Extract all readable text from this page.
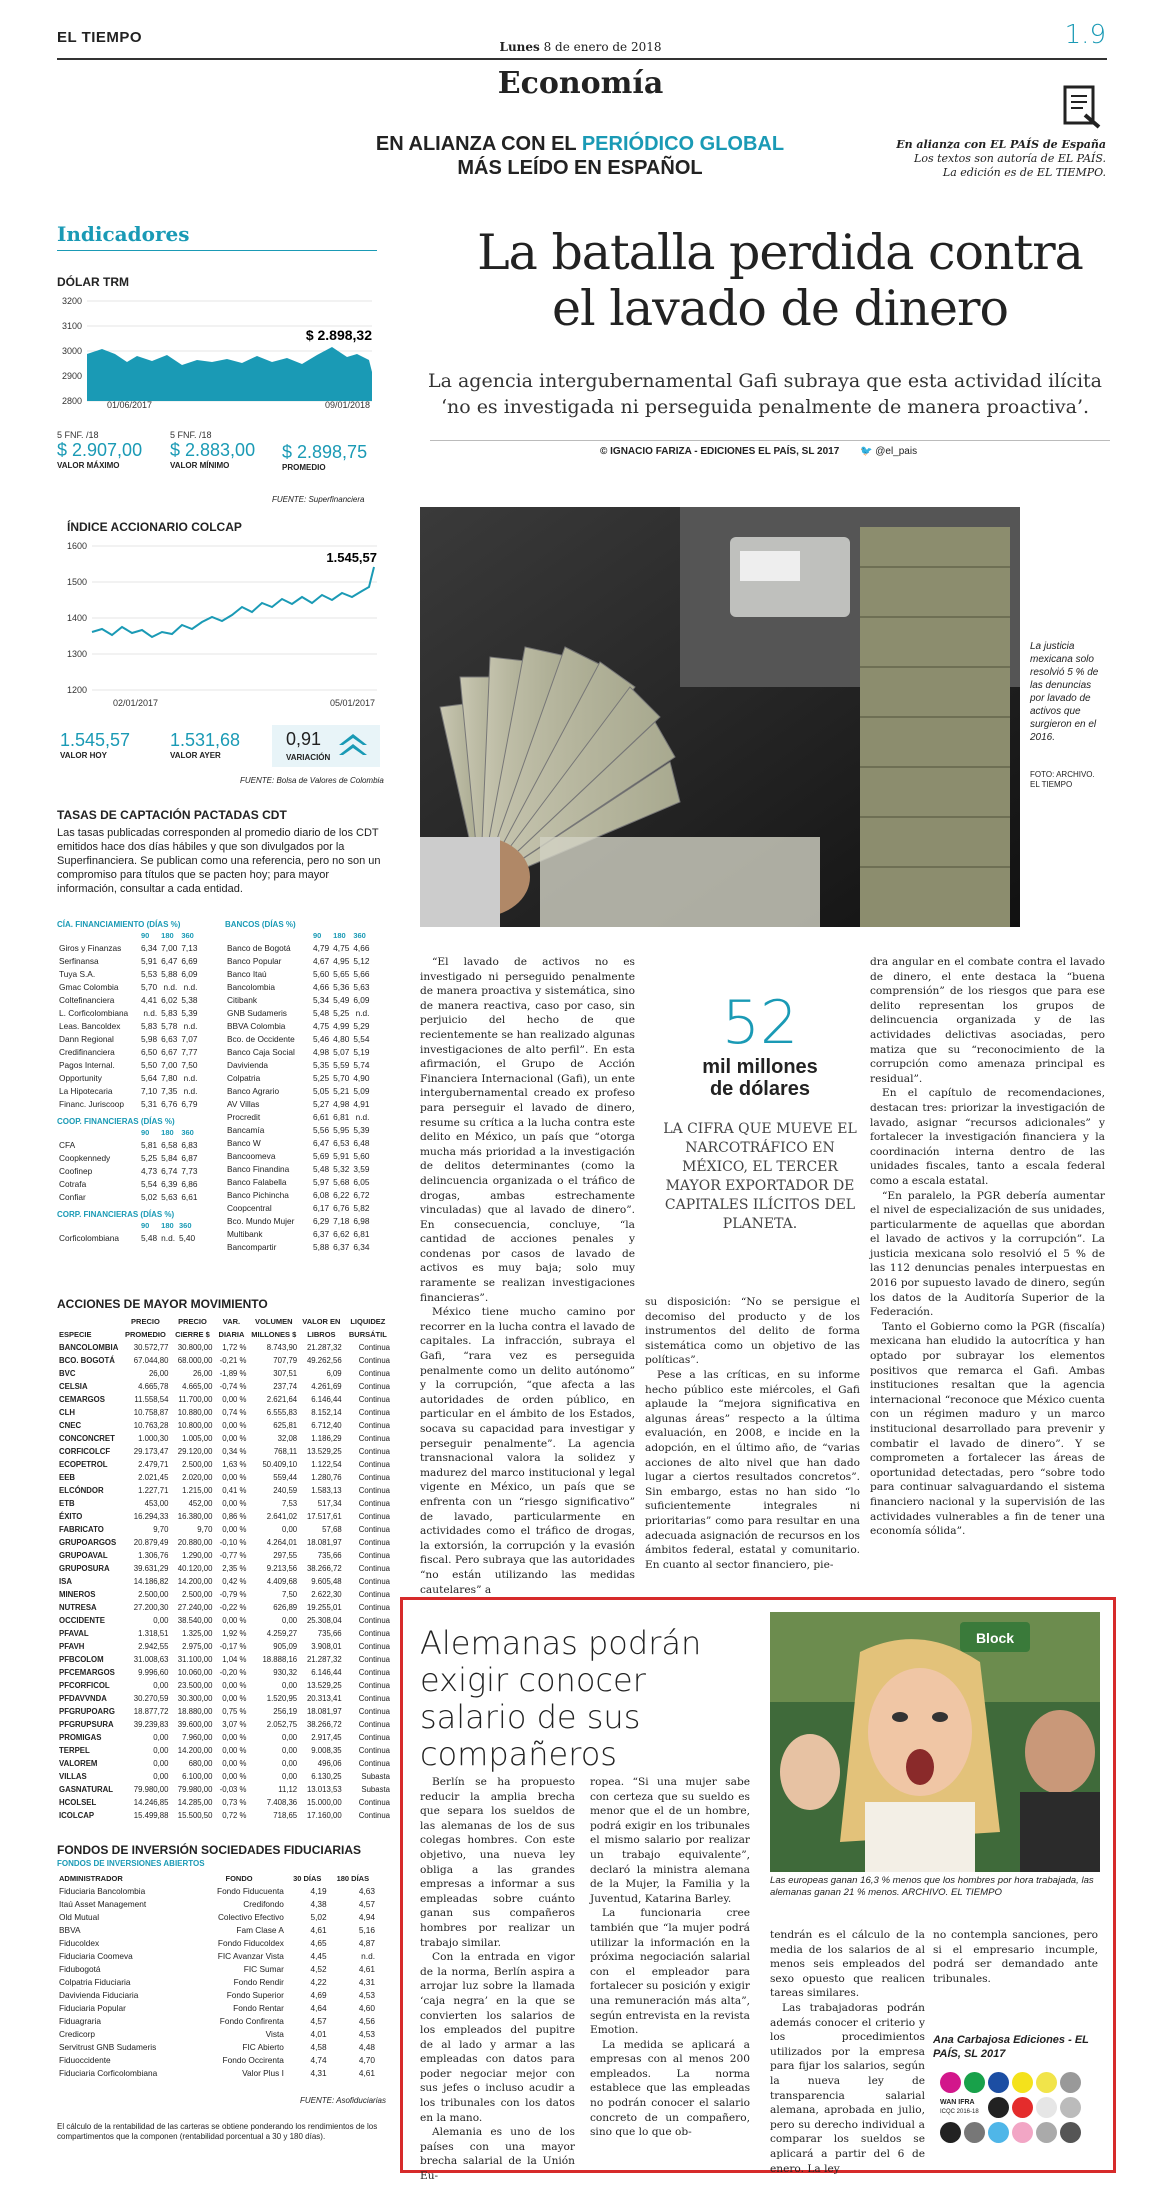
EL TIEMPO	1.9
Lunes 8 de enero de 2018
Economía
EN ALIANZA CON EL PERIÓDICO GLOBAL
MÁS LEÍDO EN ESPAÑOL
En alianza con EL PAÍS de España
Los textos son autoría de EL PAÍS.
La edición es de EL TIEMPO.
Indicadores
DÓLAR TRM
3200
3100
3000
2900
2800
$ 2.898,32
01/06/2017	09/01/2018
5 FNF. /18
$ 2.907,00
VALOR MÁXIMO
5 FNF. /18
$ 2.883,00
VALOR MÍNIMO
$ 2.898,75
PROMEDIO
FUENTE: Superfinanciera
ÍNDICE ACCIONARIO COLCAP
1600
1500
1400
1300
1200
1.545,57
02/01/2017	05/01/2017
1.545,57
VALOR HOY
1.531,68
VALOR AYER
0,91
VARIACIÓN
FUENTE: Bolsa de Valores de Colombia
TASAS DE CAPTACIÓN PACTADAS CDT
Las tasas publicadas corresponden al promedio diario de los CDT emitidos hace dos días hábiles y que son divulgados por la Superfinanciera. Se publican como una referencia, pero no son un compromiso para títulos que se pacten hoy; para mayor información, consultar a cada entidad.
CÍA. FINANCIAMIENTO (DÍAS %)
	90	180	360
Giros y Finanzas	6,34	7,00	7,13
Serfinansa	5,91	6,47	6,69
Tuya S.A.	5,53	5,88	6,09
Gmac Colombia	5,70	n.d.	n.d.
Coltefinanciera	4,41	6,02	5,38
L. Corficolombiana	n.d.	5,83	5,39
Leas. Bancoldex	5,83	5,78	n.d.
Dann Regional	5,98	6,63	7,07
Credifinanciera	6,50	6,67	7,77
Pagos Internal.	5,50	7,00	7,50
Opportunity	5,64	7,80	n.d.
La Hipotecaria	7,10	7,35	n.d.
Financ. Juriscoop	5,31	6,76	6,79
COOP. FINANCIERAS (DÍAS %)
	90	180	360
CFA	5,81	6,58	6,83
Coopkennedy	5,25	5,84	6,87
Coofinep	4,73	6,74	7,73
Cotrafa	5,54	6,39	6,86
Confiar	5,02	5,63	6,61
CORP. FINANCIERAS (DÍAS %)
	90	180	360
Corficolombiana	5,48	n.d.	5,40
BANCOS (DÍAS %)
	90	180	360
Banco de Bogotá	4,79	4,75	4,66
Banco Popular	4,67	4,95	5,12
Banco Itaú	5,60	5,65	5,66
Bancolombia	4,66	5,36	5,63
Citibank	5,34	5,49	6,09
GNB Sudameris	5,48	5,25	n.d.
BBVA Colombia	4,75	4,99	5,29
Bco. de Occidente	5,46	4,80	5,54
Banco Caja Social	4,98	5,07	5,19
Davivienda	5,35	5,59	5,74
Colpatria	5,25	5,70	4,90
Banco Agrario	5,05	5,21	5,09
AV Villas	5,27	4,98	4,91
Procredit	6,61	6,81	n.d.
Bancamía	5,56	5,95	5,39
Banco W	6,47	6,53	6,48
Bancoomeva	5,69	5,91	5,60
Banco Finandina	5,48	5,32	3,59
Banco Falabella	5,97	5,68	6,05
Banco Pichincha	6,08	6,22	6,72
Coopcentral	6,17	6,76	5,82
Bco. Mundo Mujer	6,29	7,18	6,98
Multibank	6,37	6,62	6,81
Bancompartir	5,88	6,37	6,34
ACCIONES DE MAYOR MOVIMIENTO
ESPECIE	PRECIO PROMEDIO	PRECIO CIERRE $	VAR. DIARIA	VOLUMEN MILLONES $	VALOR EN LIBROS	LIQUIDEZ BURSÁTIL
BANCOLOMBIA	30.572,77	30.800,00	1,72 %	8.743,90	21.287,32	Continua
BCO. BOGOTÁ	67.044,80	68.000,00	-0,21 %	707,79	49.262,56	Continua
BVC	26,00	26,00	-1,89 %	307,51	6,09	Continua
CELSIA	4.665,78	4.665,00	-0,74 %	237,74	4.261,69	Continua
CEMARGOS	11.558,54	11.700,00	0,00 %	2.621,64	6.146,44	Continua
CLH	10.758,87	10.880,00	0,74 %	6.555,83	8.152,14	Continua
CNEC	10.763,28	10.800,00	0,00 %	625,81	6.712,40	Continua
CONCONCRET	1.000,30	1.005,00	0,00 %	32,08	1.186,29	Continua
CORFICOLCF	29.173,47	29.120,00	0,34 %	768,11	13.529,25	Continua
ECOPETROL	2.479,71	2.500,00	1,63 %	50.409,10	1.122,54	Continua
EEB	2.021,45	2.020,00	0,00 %	559,44	1.280,76	Continua
ELCÓNDOR	1.227,71	1.215,00	0,41 %	240,59	1.583,13	Continua
ETB	453,00	452,00	0,00 %	7,53	517,34	Continua
ÉXITO	16.294,33	16.380,00	0,86 %	2.641,02	17.517,61	Continua
FABRICATO	9,70	9,70	0,00 %	0,00	57,68	Continua
GRUPOARGOS	20.879,49	20.880,00	-0,10 %	4.264,01	18.081,97	Continua
GRUPOAVAL	1.306,76	1.290,00	-0,77 %	297,55	735,66	Continua
GRUPOSURA	39.631,29	40.120,00	2,35 %	9.213,56	38.266,72	Continua
ISA	14.186,82	14.200,00	0,42 %	4.409,68	9.605,48	Continua
MINEROS	2.500,00	2.500,00	-0,79 %	7,50	2.622,30	Continua
NUTRESA	27.200,30	27.240,00	-0,22 %	626,89	19.255,01	Continua
OCCIDENTE	0,00	38.540,00	0,00 %	0,00	25.308,04	Continua
PFAVAL	1.318,51	1.325,00	1,92 %	4.259,27	735,66	Continua
PFAVH	2.942,55	2.975,00	-0,17 %	905,09	3.908,01	Continua
PFBCOLOM	31.008,63	31.100,00	1,04 %	18.888,16	21.287,32	Continua
PFCEMARGOS	9.996,60	10.060,00	-0,20 %	930,32	6.146,44	Continua
PFCORFICOL	0,00	23.500,00	0,00 %	0,00	13.529,25	Continua
PFDAVVNDA	30.270,59	30.300,00	0,00 %	1.520,95	20.313,41	Continua
PFGRUPOARG	18.877,72	18.880,00	0,75 %	256,19	18.081,97	Continua
PFGRUPSURA	39.239,83	39.600,00	3,07 %	2.052,75	38.266,72	Continua
PROMIGAS	0,00	7.960,00	0,00 %	0,00	2.917,45	Continua
TERPEL	0,00	14.200,00	0,00 %	0,00	9.008,35	Continua
VALOREM	0,00	680,00	0,00 %	0,00	496,06	Continua
VILLAS	0,00	6.100,00	0,00 %	0,00	6.130,25	Subasta
GASNATURAL	79.980,00	79.980,00	-0,03 %	11,12	13.013,53	Subasta
HCOLSEL	14.246,85	14.285,00	0,73 %	7.408,36	15.000,00	Continua
ICOLCAP	15.499,88	15.500,50	0,72 %	718,65	17.160,00	Continua
FONDOS DE INVERSIÓN SOCIEDADES FIDUCIARIAS
FONDOS DE INVERSIONES ABIERTOS
ADMINISTRADOR	FONDO	30 DÍAS	180 DÍAS
Fiduciaria Bancolombia	Fondo Fiducuenta	4,19	4,63
Itaú Asset Management	Credifondo	4,38	4,57
Old Mutual	Colectivo Efectivo	5,02	4,94
BBVA	Fam Clase A	4,61	5,16
Fiducoldex	Fondo Fiducoldex	4,65	4,87
Fiduciaria Coomeva	FIC Avanzar Vista	4,45	n.d.
Fidubogotá	FIC Sumar	4,52	4,61
Colpatria Fiduciaria	Fondo Rendir	4,22	4,31
Davivienda Fiduciaria	Fondo Superior	4,69	4,53
Fiduciaria Popular	Fondo Rentar	4,64	4,60
Fiduagraria	Fondo Confirenta	4,57	4,56
Credicorp	Vista	4,01	4,53
Servitrust GNB Sudameris	FIC Abierto	4,58	4,48
Fiduoccidente	Fondo Occirenta	4,74	4,70
Fiduciaria Corficolombiana	Valor Plus I	4,31	4,61
FUENTE: Asofiduciarias
El cálculo de la rentabilidad de las carteras se obtiene ponderando los rendimientos de los compartimentos que la componen (rentabilidad porcentual a 30 y 180 días).
La batalla perdida contra
el lavado de dinero
La agencia intergubernamental Gafi subraya que esta actividad ilícita ‘no es investigada ni perseguida penalmente de manera proactiva’.
© IGNACIO FARIZA - EDICIONES EL PAÍS, SL 2017 🐦 @el_pais
La justicia mexicana solo resolvió 5 % de las denuncias por lavado de activos que surgieron en el 2016.
FOTO: ARCHIVO. EL TIEMPO

“El lavado de activos no es investigado ni perseguido penalmente de manera proactiva y sistemática, sino de manera reactiva, caso por caso, sin perjuicio del hecho de que recientemente se han realizado algunas investigaciones de alto perfil”. En esta afirmación, el Grupo de Acción Financiera Internacional (Gafi), un ente intergubernamental creado ex profeso para perseguir el lavado de dinero, resume su crítica a la lucha contra este delito en México, un país que “otorga mucha más prioridad a la investigación de delitos determinantes (como la delincuencia organizada o el tráfico de drogas, ambas estrechamente vinculadas) que al lavado de dinero”. En consecuencia, concluye, “la cantidad de acciones penales y condenas por casos de lavado de activos es muy baja; solo muy raramente se realizan investigaciones financieras”.

México tiene mucho camino por recorrer en la lucha contra el lavado de capitales. La infracción, subraya el Gafi, “rara vez es perseguida penalmente como un delito autónomo” y la corrupción, “que afecta a las autoridades de orden público, en particular en el ámbito de los Estados, socava su capacidad para investigar y perseguir penalmente”. La agencia transnacional valora la solidez y madurez del marco institucional y legal vigente en México, un país que se enfrenta con un “riesgo significativo” de lavado, particularmente en actividades como el tráfico de drogas, la extorsión, la corrupción y la evasión fiscal. Pero subraya que las autoridades “no están utilizando las medidas cautelares” a

52
mil millones
de dólares
LA CIFRA QUE MUEVE EL NARCOTRÁFICO EN MÉXICO, EL TERCER MAYOR EXPORTADOR DE CAPITALES ILÍCITOS DEL PLANETA.

su disposición: “No se persigue el decomiso del producto y de los instrumentos del delito de forma sistemática como un objetivo de las políticas”.

Pese a las críticas, en su informe hecho público este miércoles, el Gafi aplaude la “mejora significativa en algunas áreas” respecto a la última evaluación, en 2008, e incide en la adopción, en el último año, de “varias acciones de alto nivel que han dado lugar a ciertos resultados concretos”. Sin embargo, estas no han sido “lo suficientemente integrales ni prioritarias” como para resultar en una adecuada asignación de recursos en los ámbitos federal, estatal y comunitario. En cuanto al sector financiero, pie-

dra angular en el combate contra el lavado de dinero, el ente destaca la “buena comprensión” de los riesgos que para ese delito representan los grupos de delincuencia organizada y de las actividades delictivas asociadas, pero matiza que su “reconocimiento de la corrupción como amenaza principal es residual”.

En el capítulo de recomendaciones, destacan tres: priorizar la investigación de lavado, asignar “recursos adicionales” y fortalecer la investigación financiera y la coordinación interna dentro de las unidades fiscales, tanto a escala federal como a escala estatal.

“En paralelo, la PGR debería aumentar el nivel de especialización de sus unidades, particularmente de aquellas que abordan el lavado de activos y la corrupción”. La justicia mexicana solo resolvió el 5 % de las 112 denuncias penales interpuestas en 2016 por supuesto lavado de dinero, según los datos de la Auditoría Superior de la Federación.

Tanto el Gobierno como la PGR (fiscalía) mexicana han eludido la autocrítica y han optado por subrayar los elementos positivos que remarca el Gafi. Ambas instituciones resaltan que la agencia internacional “reconoce que México cuenta con un régimen maduro y un marco institucional desarrollado para prevenir y combatir el lavado de dinero”. Y se comprometen a fortalecer las áreas de oportunidad detectadas, pero “sobre todo para continuar salvaguardando el sistema financiero nacional y la supervisión de las actividades vulnerables a fin de tener una economía sólida”.

Alemanas podrán exigir conocer salario de sus compañeros
Block
Las europeas ganan 16,3 % menos que los hombres por hora trabajada, las alemanas ganan 21 % menos. ARCHIVO. EL TIEMPO

Berlín se ha propuesto reducir la amplia brecha que separa los sueldos de las alemanas de los de sus colegas hombres. Con este objetivo, una nueva ley obliga a las grandes empresas a informar a sus empleadas sobre cuánto ganan sus compañeros hombres por realizar un trabajo similar.

Con la entrada en vigor de la norma, Berlín aspira a arrojar luz sobre la llamada ‘caja negra’ en la que se convierten los salarios de los empleados del pupitre de al lado y armar a las empleadas con datos para poder negociar mejor con sus jefes o incluso acudir a los tribunales con los datos en la mano.

Alemania es uno de los países con una mayor brecha salarial de la Unión Eu-

ropea. “Si una mujer sabe con certeza que su sueldo es menor que el de un hombre, podrá exigir en los tribunales el mismo salario por realizar un trabajo equivalente”, declaró la ministra alemana de la Mujer, la Familia y la Juventud, Katarina Barley.

La funcionaria cree también que “la mujer podrá utilizar la información en la próxima negociación salarial con el empleador para fortalecer su posición y exigir una remuneración más alta”, según entrevista en la revista Emotion.

La medida se aplicará a empresas con al menos 200 empleados. La norma establece que las empleadas no podrán conocer el salario concreto de un compañero, sino que lo que ob-

tendrán es el cálculo de la media de los salarios de al menos seis empleados del sexo opuesto que realicen tareas similares.

Las trabajadoras podrán además conocer el criterio y los procedimientos utilizados por la empresa para fijar los salarios, según la nueva ley de transparencia salarial alemana, aprobada en julio, pero su derecho individual a comparar los sueldos se aplicará a partir del 6 de enero. La ley

no contempla sanciones, pero si el empresario incumple, podrá ser demandado ante tribunales.

Ana Carbajosa Ediciones - EL PAÍS, SL 2017
WAN IFRA
ICQC 2016-18
